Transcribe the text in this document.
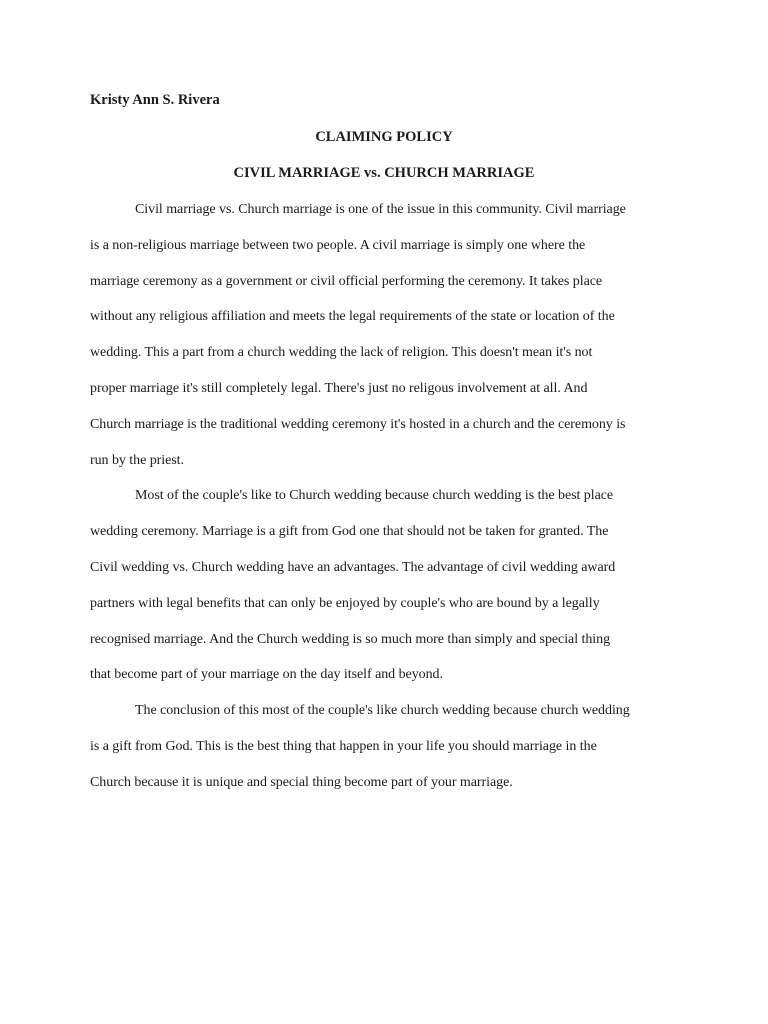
Kristy Ann S. Rivera

CLAIMING POLICY

CIVIL MARRIAGE vs. CHURCH MARRIAGE

Civil marriage vs. Church marriage is one of the issue in this community. Civil marriage
is a non-religious marriage between two people. A civil marriage is simply one where the
marriage ceremony as a government or civil official performing the ceremony. It takes place
without any religious affiliation and meets the legal requirements of the state or location of the
wedding. This a part from a church wedding the lack of religion. This doesn't mean it's not
proper marriage it's still completely legal. There's just no religous involvement at all. And
Church marriage is the traditional wedding ceremony it's hosted in a church and the ceremony is
run by the priest.
Most of the couple's like to Church wedding because church wedding is the best place
wedding ceremony. Marriage is a gift from God one that should not be taken for granted. The
Civil wedding vs. Church wedding have an advantages. The advantage of civil wedding award
partners with legal benefits that can only be enjoyed by couple's who are bound by a legally
recognised marriage. And the Church wedding is so much more than simply and special thing
that become part of your marriage on the day itself and beyond.
The conclusion of this most of the couple's like church wedding because church wedding
is a gift from God. This is the best thing that happen in your life you should marriage in the
Church because it is unique and special thing become part of your marriage.
